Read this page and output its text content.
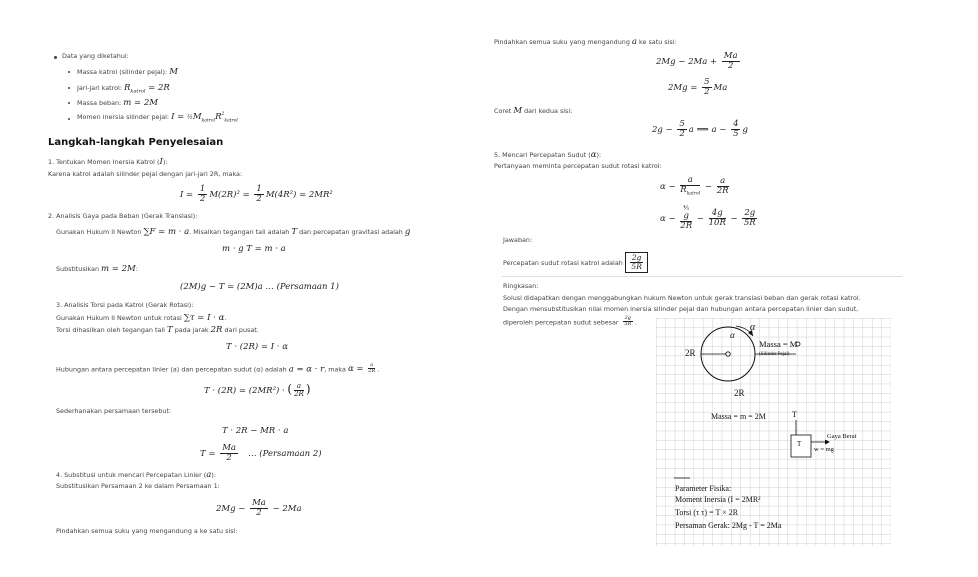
Data yang diketahui:
Massa katrol (silinder pejal): M
Jari-jari katrol: $R_{katrol} = 2R$
Massa beban: m = 2M
Momen inersia silinder pejal: $I = \frac{1}{2}M_{katrol}R^2_{katrol}$
Langkah-langkah Penyelesaian
1. Tentukan Momen Inersia Katrol (I):
Karena katrol adalah silinder pejal dengan jari-jari 2R, maka:
$I = \frac{1}{2} M(2R)^2 = \frac{1}{2} M(4R^2) = 2MR^2$
2. Analisis Gaya pada Beban (Gerak Translasi):
Gunakan Hukum II Newton ∑F = m · a. Misalkan tegangan tali adalah T dan percepatan gravitasi adalah g
m · g T = m · a
Substitusikan m = 2M:
(2M)g − T = (2M)a … (Persamaan 1)
3. Analisis Torsi pada Katrol (Gerak Rotasi):
Gunakan Hukum II Newton untuk rotasi ∑τ = I · α.
Torsi dihasilkan oleh tegangan tali T pada jarak 2R dari pusat.
T · (2R) = I · α
Hubungan antara percepatan linier (a) dan percepatan sudut (α) adalah a = α · r, maka $\alpha = \frac{a}{2R}$ .
T · (2R) = (2MR²) · ( $\frac{a}{2R}$ )
Sederhanakan persamaan tersebut:
T · 2R − MR · a
$T = \frac{Ma}{2}$ … (Persamaan 2)
4. Substitusi untuk mencari Percepatan Linier (a):
Substitusikan Persamaan 2 ke dalam Persamaan 1:
$2Mg - \frac{Ma}{2} - 2Ma$
Pindahkan semua suku yang mengandung a ke satu sisi:
Pindahkan semua suku yang mengandung a ke satu sisi:
$2Mg - 2Ma + \frac{Ma}{2}$
$2Mg = \frac{5}{2}$ Ma
Coret M dari kedua sisi:
$2g - \frac{5}{2}$ a ⟹ $a - \frac{4}{5}$ g
5. Mencari Percepatan Sudut (α):
Pertanyaan meminta percepatan sudut rotasi katrol:
$\alpha - \frac{a}{R_{katrol}} - \frac{a}{2R}$
α − ⅘
g
$2R - \frac{4g}{10R} - \frac{2g}{5R}$
Jawaban:
Percepatan sudut rotasi katrol adalah $\frac{2g}{5R}$
Ringkasan:
Solusi didapatkan dengan menggabungkan hukum Newton untuk gerak translasi beban dan gerak rotasi katrol.
Dengan mensubstitusikan nilai momen inersia silinder pejal dan hubungan antara percepatan linier dan sudut,
diperoleh percepatan sudut sebesar $\frac{2g}{5R}$ .	α
α
2R
Massa = M
(Silinder Pejal)
2R
Massa = m = 2M	T
T
Gaya Berat
w = mg
Parameter Fisika:
Moment Inersia (I = 2MR²
Torsi (τ τ) = T × 2R
Persaman Gerak: 2Mg - T = 2Ma
